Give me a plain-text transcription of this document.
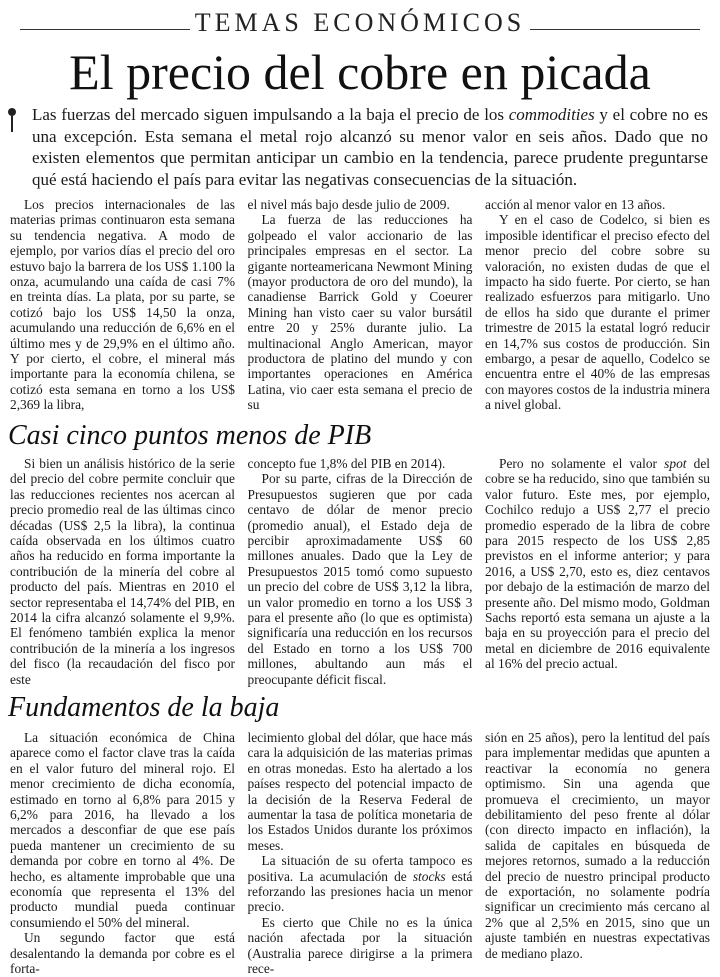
TEMAS ECONÓMICOS
El precio del cobre en picada
Las fuerzas del mercado siguen impulsando a la baja el precio de los commodities y el cobre no es una excepción. Esta semana el metal rojo alcanzó su menor valor en seis años. Dado que no existen elementos que permitan anticipar un cambio en la tendencia, parece prudente preguntarse qué está haciendo el país para evitar las negativas consecuencias de la situación.

Los precios internacionales de las materias primas continuaron esta semana su tendencia negativa. A modo de ejemplo, por varios días el precio del oro estuvo bajo la barrera de los US$ 1.100 la onza, acumulando una caída de casi 7% en treinta días. La plata, por su parte, se cotizó bajo los US$ 14,50 la onza, acumulando una reducción de 6,6% en el último mes y de 29,9% en el último año. Y por cierto, el cobre, el mineral más importante para la economía chilena, se cotizó esta semana en torno a los US$ 2,369 la libra,

el nivel más bajo desde julio de 2009.

La fuerza de las reducciones ha golpeado el valor accionario de las principales empresas en el sector. La gigante norteamericana Newmont Mining (mayor productora de oro del mundo), la canadiense Barrick Gold y Coeurer Mining han visto caer su valor bursátil entre 20 y 25% durante julio. La multinacional Anglo American, mayor productora de platino del mundo y con importantes operaciones en América Latina, vio caer esta semana el precio de su

acción al menor valor en 13 años.

Y en el caso de Codelco, si bien es imposible identificar el preciso efecto del menor precio del cobre sobre su valoración, no existen dudas de que el impacto ha sido fuerte. Por cierto, se han realizado esfuerzos para mitigarlo. Uno de ellos ha sido que durante el primer trimestre de 2015 la estatal logró reducir en 14,7% sus costos de producción. Sin embargo, a pesar de aquello, Codelco se encuentra entre el 40% de las empresas con mayores costos de la industria minera a nivel global.

Casi cinco puntos menos de PIB

Si bien un análisis histórico de la serie del precio del cobre permite concluir que las reducciones recientes nos acercan al precio promedio real de las últimas cinco décadas (US$ 2,5 la libra), la continua caída observada en los últimos cuatro años ha reducido en forma importante la contribución de la minería del cobre al producto del país. Mientras en 2010 el sector representaba el 14,74% del PIB, en 2014 la cifra alcanzó solamente el 9,9%. El fenómeno también explica la menor contribución de la minería a los ingresos del fisco (la recaudación del fisco por este

concepto fue 1,8% del PIB en 2014).

Por su parte, cifras de la Dirección de Presupuestos sugieren que por cada centavo de dólar de menor precio (promedio anual), el Estado deja de percibir aproximadamente US$ 60 millones anuales. Dado que la Ley de Presupuestos 2015 tomó como supuesto un precio del cobre de US$ 3,12 la libra, un valor promedio en torno a los US$ 3 para el presente año (lo que es optimista) significaría una reducción en los recursos del Estado en torno a los US$ 700 millones, abultando aun más el preocupante déficit fiscal.

Pero no solamente el valor spot del cobre se ha reducido, sino que también su valor futuro. Este mes, por ejemplo, Cochilco redujo a US$ 2,77 el precio promedio esperado de la libra de cobre para 2015 respecto de los US$ 2,85 previstos en el informe anterior; y para 2016, a US$ 2,70, esto es, diez centavos por debajo de la estimación de marzo del presente año. Del mismo modo, Goldman Sachs reportó esta semana un ajuste a la baja en su proyección para el precio del metal en diciembre de 2016 equivalente al 16% del precio actual.

Fundamentos de la baja

La situación económica de China aparece como el factor clave tras la caída en el valor futuro del mineral rojo. El menor crecimiento de dicha economía, estimado en torno al 6,8% para 2015 y 6,2% para 2016, ha llevado a los mercados a desconfiar de que ese país pueda mantener un crecimiento de su demanda por cobre en torno al 4%. De hecho, es altamente improbable que una economía que representa el 13% del producto mundial pueda continuar consumiendo el 50% del mineral.

Un segundo factor que está desalentando la demanda por cobre es el forta-

lecimiento global del dólar, que hace más cara la adquisición de las materias primas en otras monedas. Esto ha alertado a los países respecto del potencial impacto de la decisión de la Reserva Federal de aumentar la tasa de política monetaria de los Estados Unidos durante los próximos meses.

La situación de su oferta tampoco es positiva. La acumulación de stocks está reforzando las presiones hacia un menor precio.

Es cierto que Chile no es la única nación afectada por la situación (Australia parece dirigirse a la primera rece-

sión en 25 años), pero la lentitud del país para implementar medidas que apunten a reactivar la economía no genera optimismo. Sin una agenda que promueva el crecimiento, un mayor debilitamiento del peso frente al dólar (con directo impacto en inflación), la salida de capitales en búsqueda de mejores retornos, sumado a la reducción del precio de nuestro principal producto de exportación, no solamente podría significar un crecimiento más cercano al 2% que al 2,5% en 2015, sino que un ajuste también en nuestras expectativas de mediano plazo.
